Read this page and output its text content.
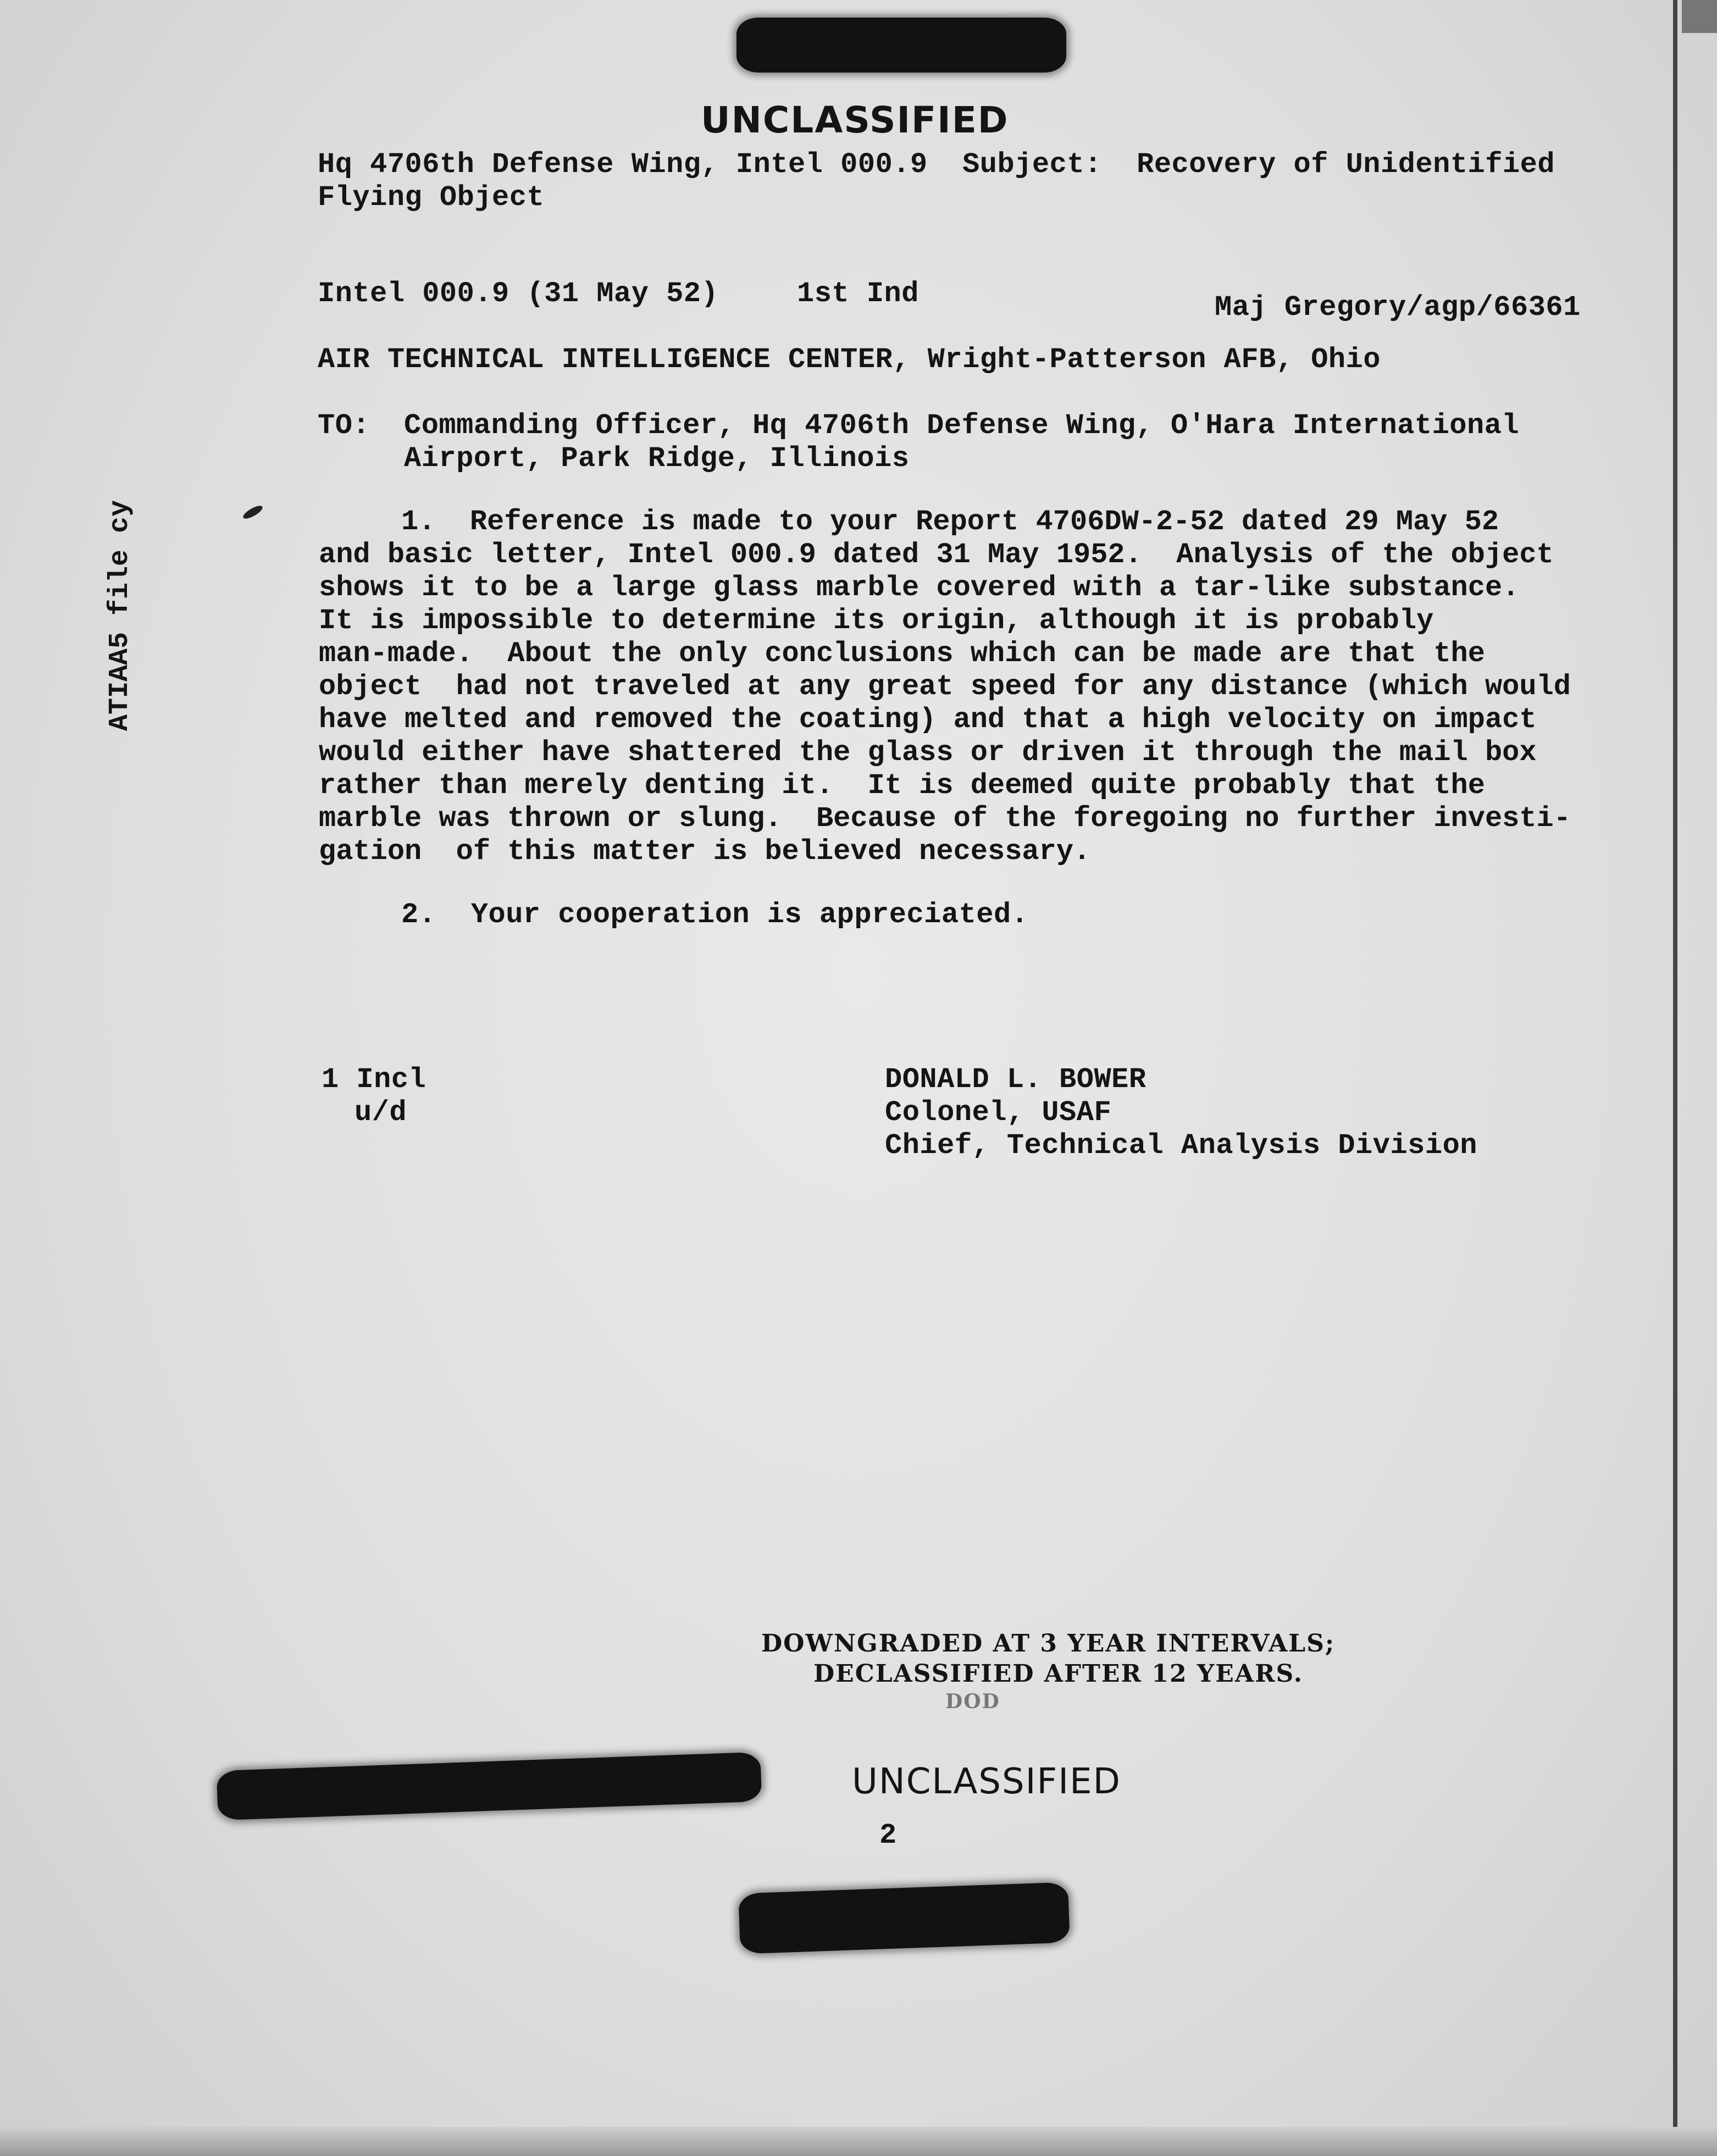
UNCLASSIFIED
Hq 4706th Defense Wing, Intel 000.9  Subject:  Recovery of Unidentified
Flying Object
Intel 000.9 (31 May 52)	1st Ind	Maj Gregory/agp/66361
AIR TECHNICAL INTELLIGENCE CENTER, Wright-Patterson AFB, Ohio
TO: Commanding Officer, Hq 4706th Defense Wing, O'Hara International
Airport, Park Ridge, Illinois
ATIAA5 file cy	1.  Reference is made to your Report 4706DW-2-52 dated 29 May 52
and basic letter, Intel 000.9 dated 31 May 1952.  Analysis of the object
shows it to be a large glass marble covered with a tar-like substance.
It is impossible to determine its origin, although it is probably
man-made.  About the only conclusions which can be made are that the
object  had not traveled at any great speed for any distance (which would
have melted and removed the coating) and that a high velocity on impact
would either have shattered the glass or driven it through the mail box
rather than merely denting it.  It is deemed quite probably that the
marble was thrown or slung.  Because of the foregoing no further investi-
gation  of this matter is believed necessary.
2.  Your cooperation is appreciated.
1 Incl
u/d
DONALD L. BOWER
Colonel, USAF
Chief, Technical Analysis Division
DOWNGRADED AT 3 YEAR INTERVALS;
DECLASSIFIED AFTER 12 YEARS.
DOD
UNCLASSIFIED
2
